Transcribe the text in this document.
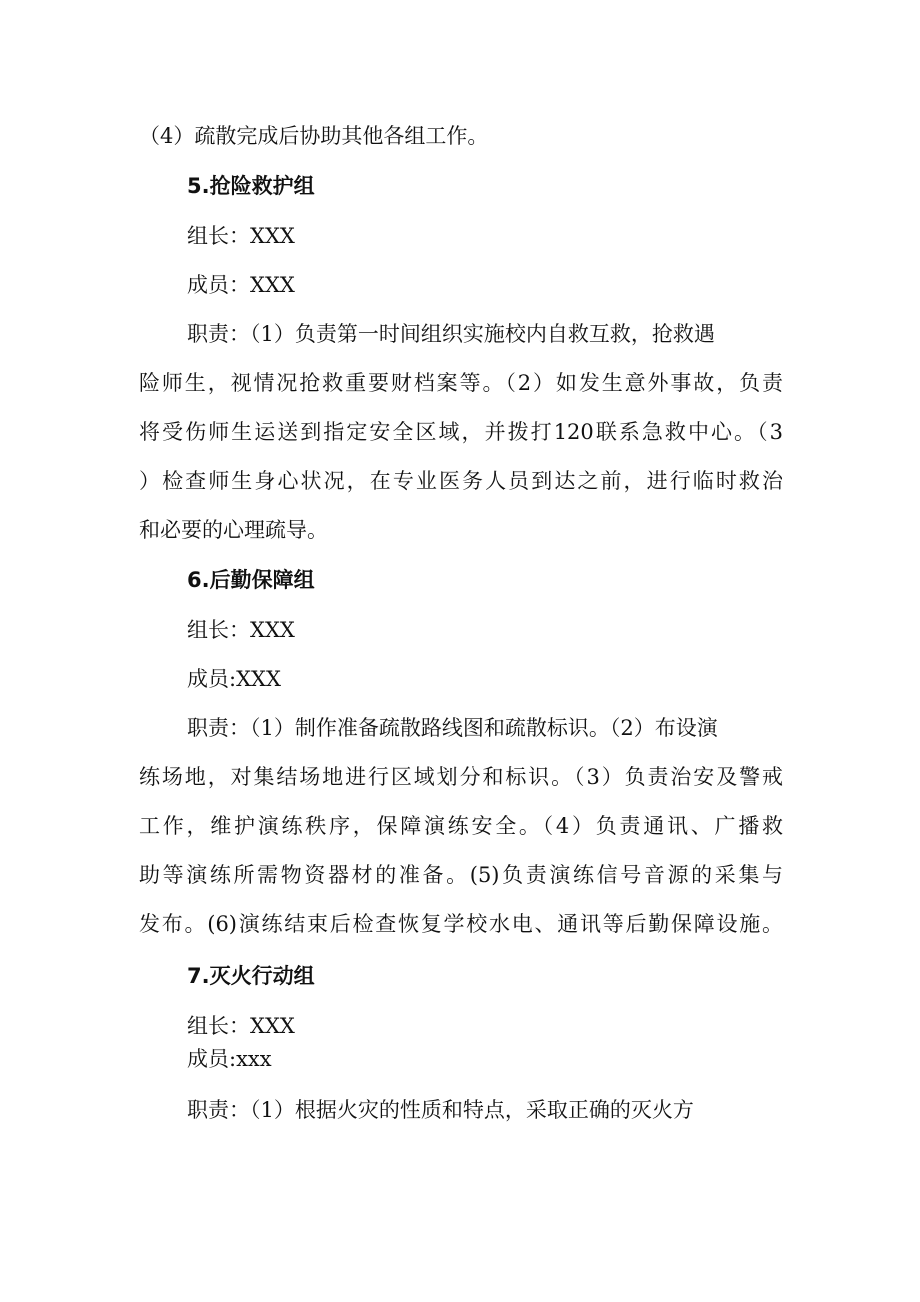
（4）疏散完成后协助其他各组工作。
5.抢险救护组
组长：XXX
成员：XXX
职责：（1）负责第一时间组织实施校内自救互救，抢救遇
险师生，视情况抢救重要财档案等。（2）如发生意外事故，负责
将受伤师生运送到指定安全区域，并拨打120联系急救中心。（3
）检查师生身心状况，在专业医务人员到达之前，进行临时救治
和必要的心理疏导。
6.后勤保障组
组长：XXX
成员:XXX
职责：（1）制作准备疏散路线图和疏散标识。（2）布设演
练场地，对集结场地进行区域划分和标识。（3）负责治安及警戒
工作，维护演练秩序，保障演练安全。（4）负责通讯、广播救
助等演练所需物资器材的准备。(5)负责演练信号音源的采集与
发布。(6)演练结束后检查恢复学校水电、通讯等后勤保障设施。
7.灭火行动组
组长：XXX
成员:xxx
职责：（1）根据火灾的性质和特点，采取正确的灭火方
